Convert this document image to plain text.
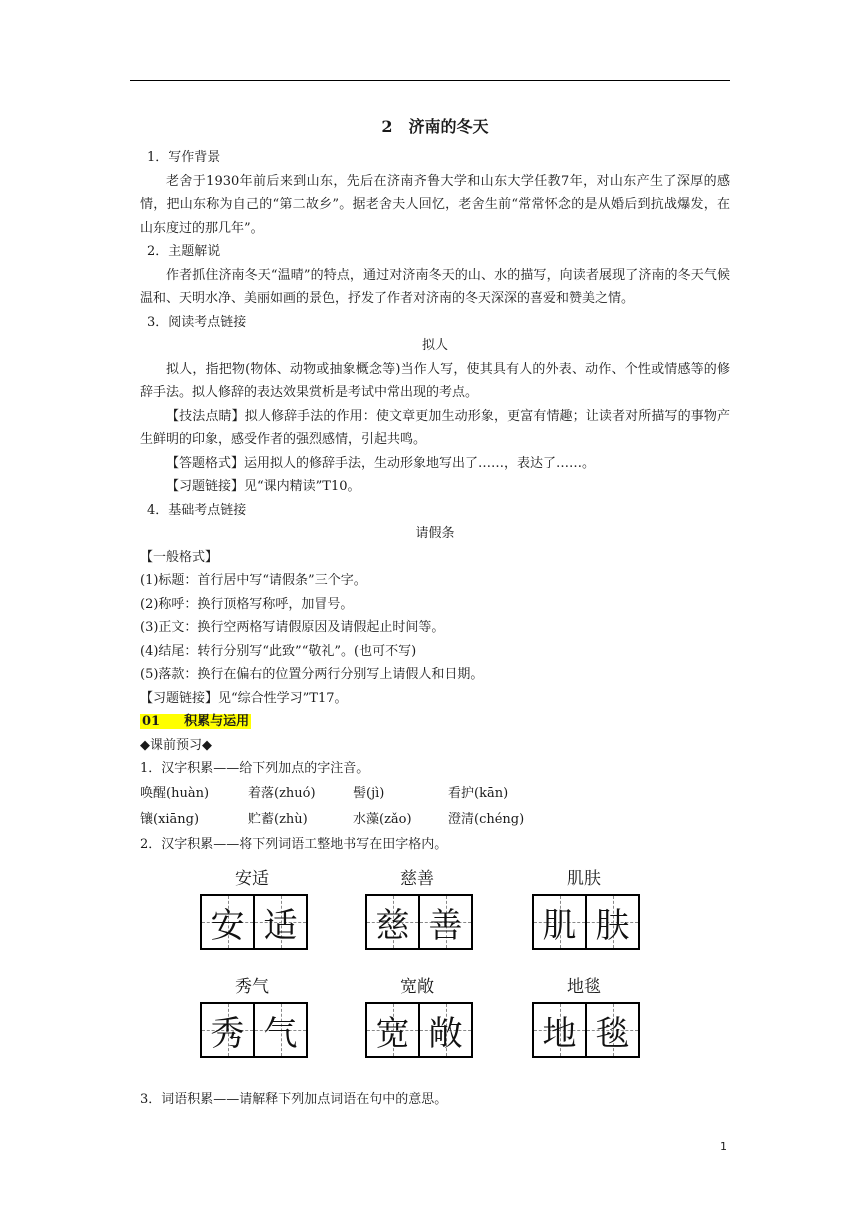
2　济南的冬天
1．写作背景
老舍于1930年前后来到山东，先后在济南齐鲁大学和山东大学任教7年，对山东产生了深厚的感情，把山东称为自己的“第二故乡”。据老舍夫人回忆，老舍生前“常常怀念的是从婚后到抗战爆发，在山东度过的那几年”。
2．主题解说
作者抓住济南冬天“温晴”的特点，通过对济南冬天的山、水的描写，向读者展现了济南的冬天气候温和、天明水净、美丽如画的景色，抒发了作者对济南的冬天深深的喜爱和赞美之情。
3．阅读考点链接
拟人
拟人，指把物(物体、动物或抽象概念等)当作人写，使其具有人的外表、动作、个性或情感等的修辞手法。拟人修辞的表达效果赏析是考试中常出现的考点。
【技法点睛】拟人修辞手法的作用：使文章更加生动形象，更富有情趣；让读者对所描写的事物产生鲜明的印象，感受作者的强烈感情，引起共鸣。
【答题格式】运用拟人的修辞手法，生动形象地写出了……，表达了……。
【习题链接】见“课内精读”T10。
4．基础考点链接
请假条
【一般格式】
(1)标题：首行居中写“请假条”三个字。
(2)称呼：换行顶格写称呼，加冒号。
(3)正文：换行空两格写请假原因及请假起止时间等。
(4)结尾：转行分别写“此致”“敬礼”。(也可不写)
(5)落款：换行在偏右的位置分两行分别写上请假人和日期。
【习题链接】见“综合性学习”T17。
01 积累与运用
◆课前预习◆
1．汉字积累——给下列加点的字注音。
唤醒(huàn)	着落(zhuó)	髻(jì)	看护(kān)
镶(xiāng)	贮蓄(zhù)	水藻(zǎo)	澄清(chéng)
2．汉字积累——将下列词语工整地书写在田字格内。
安适
安 适
慈善
慈 善
肌肤
肌 肤
秀气
秀 气
宽敞
宽 敞
地毯
地 毯
3．词语积累——请解释下列加点词语在句中的意思。
1
